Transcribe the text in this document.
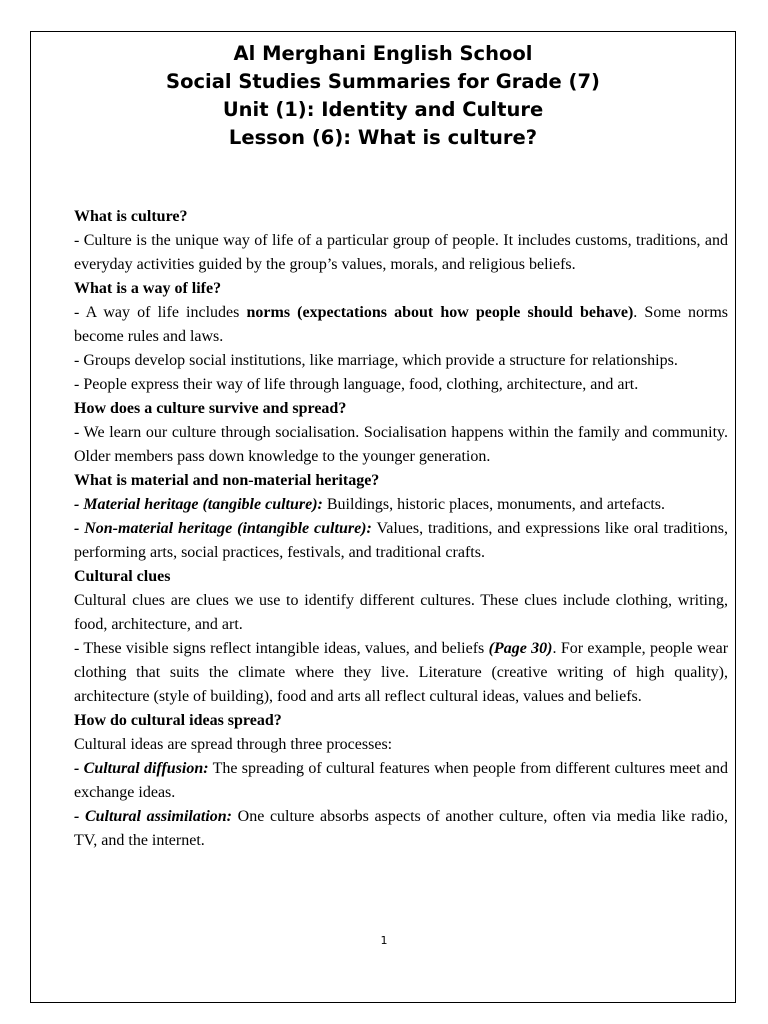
Al Merghani English School
Social Studies Summaries for Grade (7)
Unit (1): Identity and Culture
Lesson (6): What is culture?

What is culture?

- Culture is the unique way of life of a particular group of people. It includes customs, traditions, and everyday activities guided by the group’s values, morals, and religious beliefs.

What is a way of life?

- A way of life includes norms (expectations about how people should behave). Some norms become rules and laws.

- Groups develop social institutions, like marriage, which provide a structure for relationships.

- People express their way of life through language, food, clothing, architecture, and art.

How does a culture survive and spread?

- We learn our culture through socialisation. Socialisation happens within the family and community. Older members pass down knowledge to the younger generation.

What is material and non-material heritage?

- Material heritage (tangible culture): Buildings, historic places, monuments, and artefacts.

- Non-material heritage (intangible culture): Values, traditions, and expressions like oral traditions, performing arts, social practices, festivals, and traditional crafts.

Cultural clues

Cultural clues are clues we use to identify different cultures. These clues include clothing, writing, food, architecture, and art.

- These visible signs reflect intangible ideas, values, and beliefs (Page 30). For example, people wear clothing that suits the climate where they live. Literature (creative writing of high quality), architecture (style of building), food and arts all reflect cultural ideas, values and beliefs.

How do cultural ideas spread?

Cultural ideas are spread through three processes:

- Cultural diffusion: The spreading of cultural features when people from different cultures meet and exchange ideas.

- Cultural assimilation: One culture absorbs aspects of another culture, often via media like radio, TV, and the internet.

1
